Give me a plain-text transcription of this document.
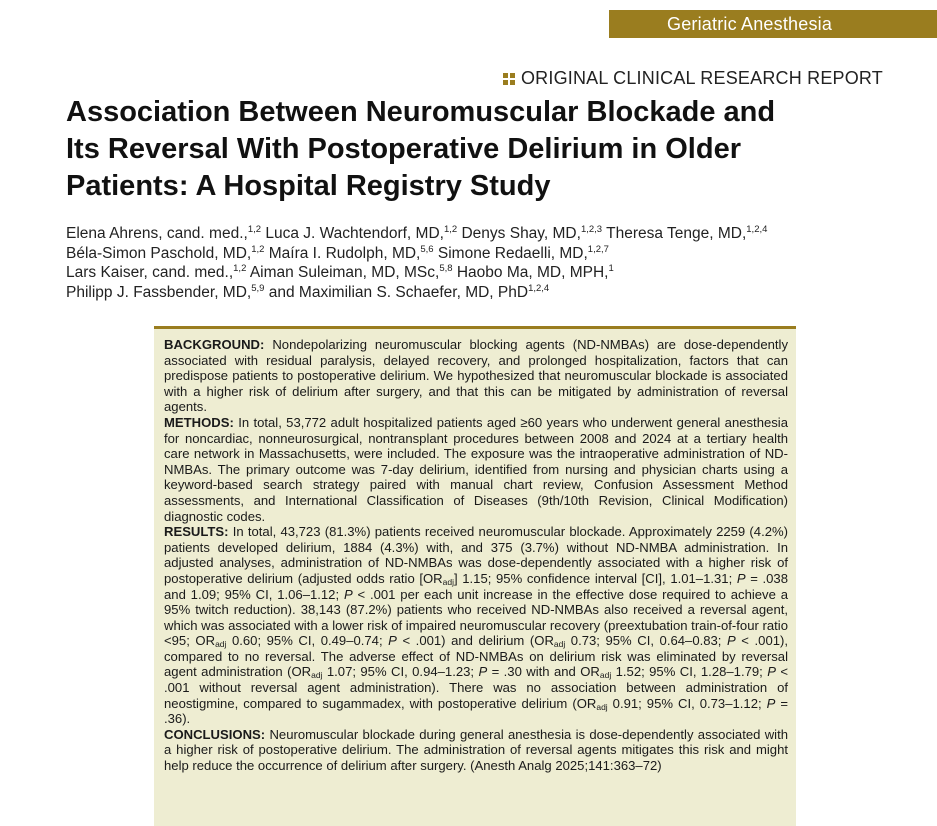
Geriatric Anesthesia
ORIGINAL CLINICAL RESEARCH REPORT
Association Between Neuromuscular Blockade and
Its Reversal With Postoperative Delirium in Older
Patients: A Hospital Registry Study

Elena Ahrens, cand. med.,$^{1,2}$ Luca J. Wachtendorf, MD,$^{1,2}$ Denys Shay, MD,$^{1,2,3}$ Theresa Tenge, MD,$^{1,2,4}$
Béla-Simon Paschold, MD,$^{1,2}$ Maíra I. Rudolph, MD,$^{5,6}$ Simone Redaelli, MD,$^{1,2,7}$
Lars Kaiser, cand. med.,$^{1,2}$ Aiman Suleiman, MD, MSc,$^{5,8}$ Haobo Ma, MD, MPH,$^1$
Philipp J. Fassbender, MD,$^{5,9}$ and Maximilian S. Schaefer, MD, PhD$^{1,2,4}$

BACKGROUND: Nondepolarizing neuromuscular blocking agents (ND-NMBAs) are dose-dependently associated with residual paralysis, delayed recovery, and prolonged hospitalization, factors that can predispose patients to postoperative delirium. We hypothesized that neuromuscular blockade is associated with a higher risk of delirium after surgery, and that this can be mitigated by administration of reversal agents.

METHODS: In total, 53,772 adult hospitalized patients aged ≥60 years who underwent general anesthesia for noncardiac, nonneurosurgical, nontransplant procedures between 2008 and 2024 at a tertiary health care network in Massachusetts, were included. The exposure was the intraoperative administration of ND-NMBAs. The primary outcome was 7-day delirium, identified from nursing and physician charts using a keyword-based search strategy paired with manual chart review, Confusion Assessment Method assessments, and International Classification of Diseases (9th/10th Revision, Clinical Modification) diagnostic codes.

RESULTS: In total, 43,723 (81.3%) patients received neuromuscular blockade. Approximately 2259 (4.2%) patients developed delirium, 1884 (4.3%) with, and 375 (3.7%) without ND-NMBA administration. In adjusted analyses, administration of ND-NMBAs was dose-dependently associated with a higher risk of postoperative delirium (adjusted odds ratio $[OR_{adj}]$ 1.15; 95% confidence interval [CI], 1.01–1.31; P = .038 and 1.09; 95% CI, 1.06–1.12; P < .001 per each unit increase in the effective dose required to achieve a 95% twitch reduction). 38,143 (87.2%) patients who received ND-NMBAs also received a reversal agent, which was associated with a lower risk of impaired neuromuscular recovery (preextubation train-of-four ratio <95; $OR_{adj}$ 0.60; 95% CI, 0.49–0.74; P < .001) and delirium ($OR_{adj}$ 0.73; 95% CI, 0.64–0.83; P < .001), compared to no reversal. The adverse effect of ND-NMBAs on delirium risk was eliminated by reversal agent administration ($OR_{adj}$ 1.07; 95% CI, 0.94–1.23; P = .30 with and $OR_{adj}$ 1.52; 95% CI, 1.28–1.79; P < .001 without reversal agent administration). There was no association between administration of neostigmine, compared to sugammadex, with postoperative delirium ($OR_{adj}$ 0.91; 95% CI, 0.73–1.12; P = .36).

CONCLUSIONS: Neuromuscular blockade during general anesthesia is dose-dependently associated with a higher risk of postoperative delirium. The administration of reversal agents mitigates this risk and might help reduce the occurrence of delirium after surgery. (Anesth Analg 2025;141:363–72)
